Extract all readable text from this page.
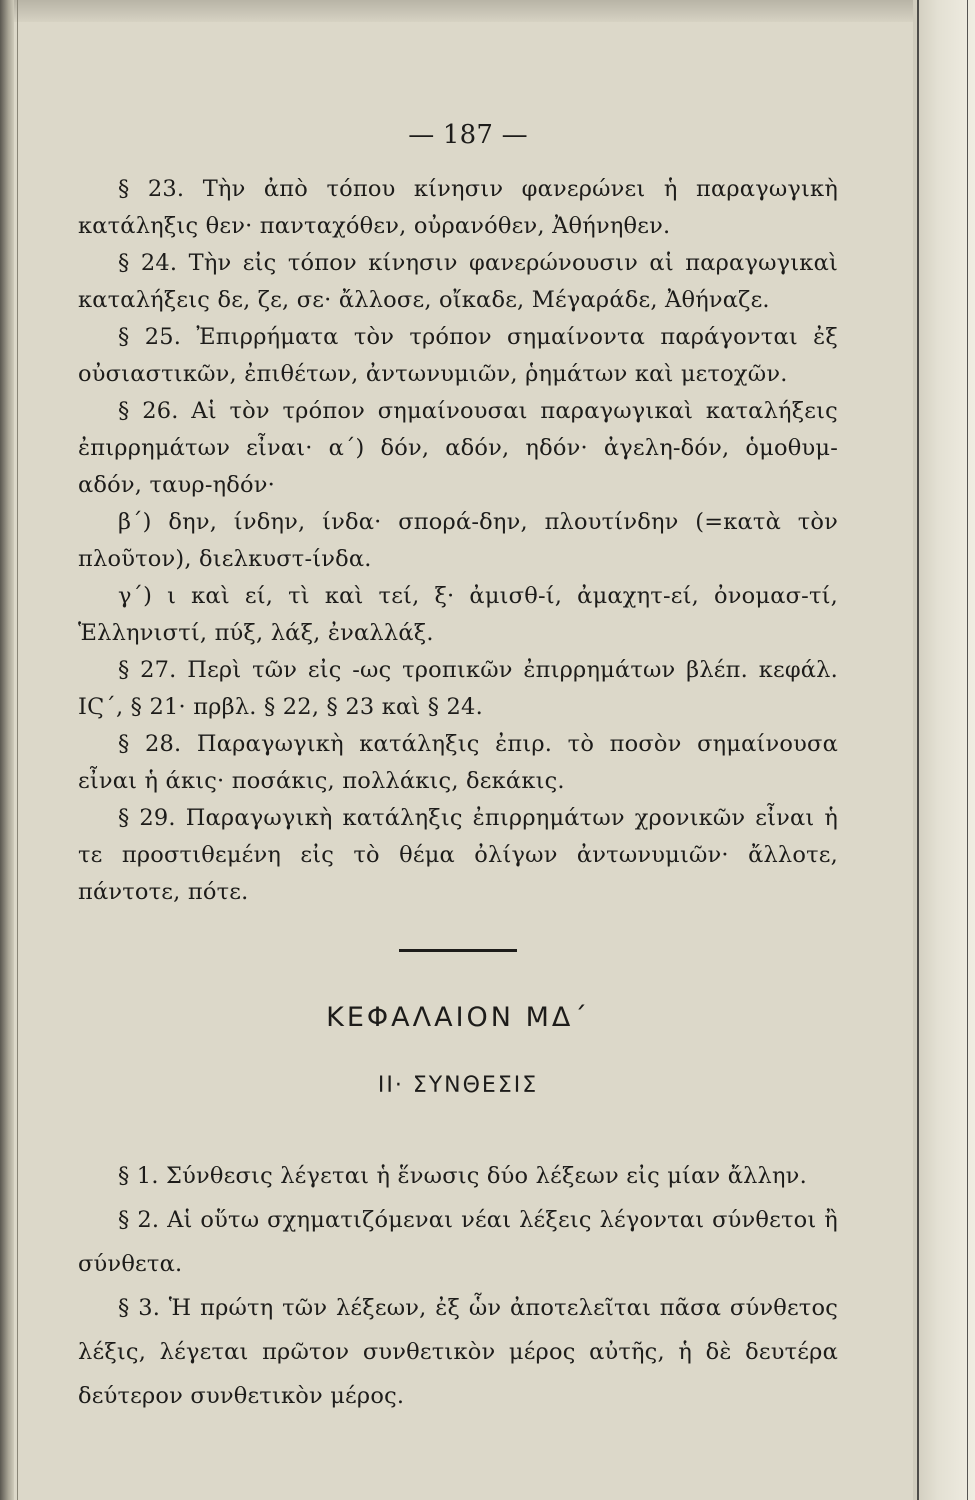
— 187 —

§ 23. Τὴν ἀπὸ τόπου κίνησιν φανερώνει ἡ παραγωγικὴ κατάληξις θεν· πανταχόθεν, οὐρανόθεν, Ἀθήνηθεν.

§ 24. Τὴν εἰς τόπον κίνησιν φανερώνουσιν αἱ παραγωγικαὶ καταλήξεις δε, ζε, σε· ἄλλοσε, οἴκαδε, Μέγαράδε, Ἀθήναζε.

§ 25. Ἐπιρρήματα τὸν τρόπον σημαίνοντα παράγονται ἐξ οὐσιαστικῶν, ἐπιθέτων, ἀντωνυμιῶν, ῥημάτων καὶ μετοχῶν.

§ 26. Αἱ τὸν τρόπον σημαίνουσαι παραγωγικαὶ καταλήξεις ἐπιρρημάτων εἶναι· α΄) δόν, αδόν, ηδόν· ἀγελη-δόν, ὁμοθυμ-αδόν, ταυρ-ηδόν·

β΄) δην, ίνδην, ίνδα· σπορά-δην, πλουτίνδην (=κατὰ τὸν πλοῦτον), διελκυστ-ίνδα.

γ΄) ι καὶ εί, τὶ καὶ τεί, ξ· ἀμισθ-ί, ἀμαχητ-εί, ὀνομασ-τί, Ἑλληνιστί, πύξ, λάξ, ἐναλλάξ.

§ 27. Περὶ τῶν εἰς -ως τροπικῶν ἐπιρρημάτων βλέπ. κεφάλ. ΙϚ΄, § 21· πρβλ. § 22, § 23 καὶ § 24.

§ 28. Παραγωγικὴ κατάληξις ἐπιρ. τὸ ποσὸν σημαίνουσα εἶναι ἡ άκις· ποσάκις, πολλάκις, δεκάκις.

§ 29. Παραγωγικὴ κατάληξις ἐπιρρημάτων χρονικῶν εἶναι ἡ τε προστιθεμένη εἰς τὸ θέμα ὀλίγων ἀντωνυμιῶν· ἄλλοτε, πάντοτε, πότε.

ΚΕΦΑΛΑΙΟΝ ΜΔ΄
ΙΙ· ΣΥΝΘΕΣΙΣ

§ 1. Σύνθεσις λέγεται ἡ ἕνωσις δύο λέξεων εἰς μίαν ἄλλην.

§ 2. Αἱ οὕτω σχηματιζόμεναι νέαι λέξεις λέγονται σύνθετοι ἢ σύνθετα.

§ 3. Ἡ πρώτη τῶν λέξεων, ἐξ ὧν ἀποτελεῖται πᾶσα σύνθετος λέξις, λέγεται πρῶτον συνθετικὸν μέρος αὐτῆς, ἡ δὲ δευτέρα δεύτερον συνθετικὸν μέρος.
